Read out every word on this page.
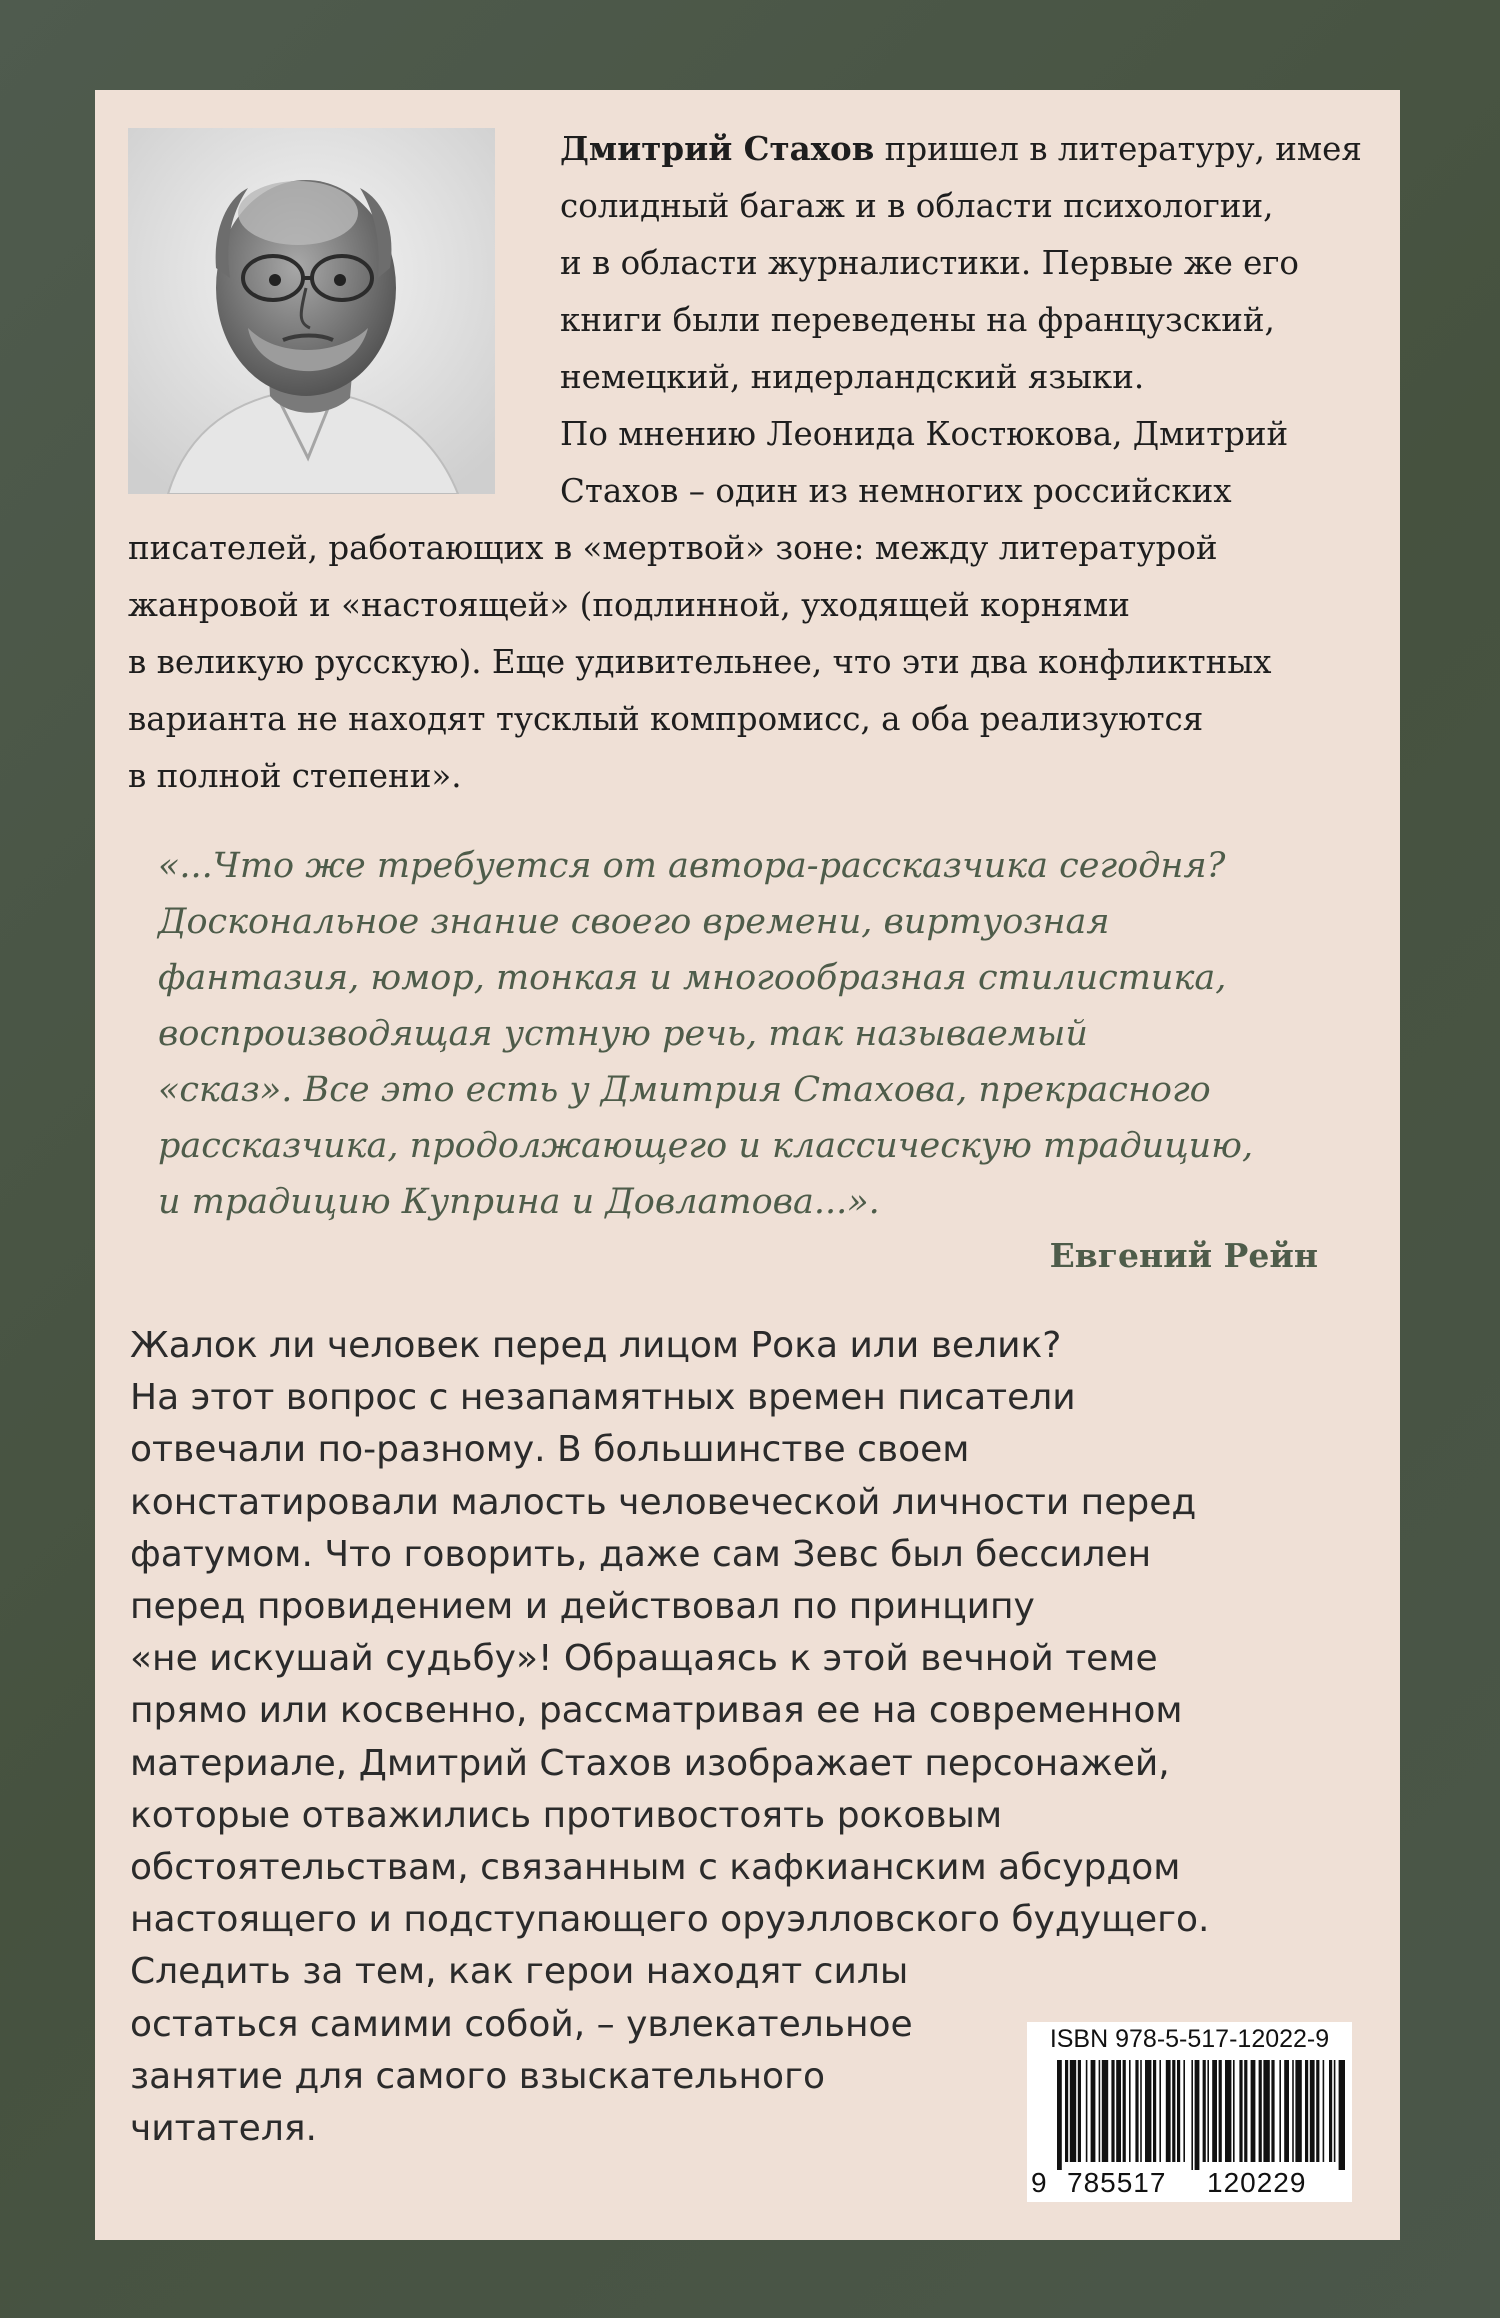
Дмитрий Стахов пришел в литературу, имея
солидный багаж и в области психологии,
и в области журналистики. Первые же его
книги были переведены на французский,
немецкий, нидерландский языки.
По мнению Леонида Костюкова, Дмитрий
Стахов – один из немногих российских
писателей, работающих в «мертвой» зоне: между литературой
жанровой и «настоящей» (подлинной, уходящей корнями
в великую русскую). Еще удивительнее, что эти два конфликтных
варианта не находят тусклый компромисс, а оба реализуются
в полной степени».
«...Что же требуется от автора-рассказчика сегодня?
Доскональное знание своего времени, виртуозная
фантазия, юмор, тонкая и многообразная стилистика,
воспроизводящая устную речь, так называемый
«сказ». Все это есть у Дмитрия Стахова, прекрасного
рассказчика, продолжающего и классическую традицию,
и традицию Куприна и Довлатова...».
Евгений Рейн
Жалок ли человек перед лицом Рока или велик?
На этот вопрос с незапамятных времен писатели
отвечали по-разному. В большинстве своем
констатировали малость человеческой личности перед
фатумом. Что говорить, даже сам Зевс был бессилен
перед провидением и действовал по принципу
«не искушай судьбу»! Обращаясь к этой вечной теме
прямо или косвенно, рассматривая ее на современном
материале, Дмитрий Стахов изображает персонажей,
которые отважились противостоять роковым
обстоятельствам, связанным с кафкианским абсурдом
настоящего и подступающего оруэлловского будущего.
Следить за тем, как герои находят силы
остаться самими собой, – увлекательное
занятие для самого взыскательного
читателя.
ISBN 978-5-517-12022-9
9 785517 120229
